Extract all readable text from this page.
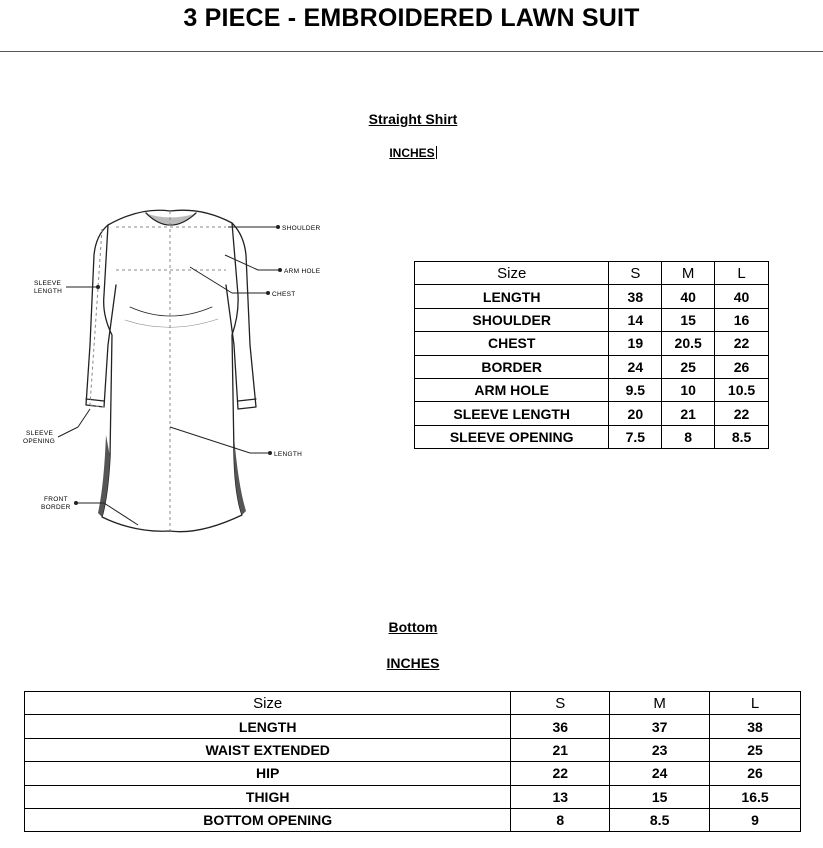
3 PIECE - EMBROIDERED LAWN SUIT
Straight Shirt
INCHES
SHOULDER
ARM HOLE
CHEST
SLEEVE
LENGTH
SLEEVE
OPENING
LENGTH
FRONT
BORDER
Size	S	M	L
LENGTH	38	40	40
SHOULDER	14	15	16
CHEST	19	20.5	22
BORDER	24	25	26
ARM HOLE	9.5	10	10.5
SLEEVE LENGTH	20	21	22
SLEEVE OPENING	7.5	8	8.5
Bottom
INCHES
Size	S	M	L
LENGTH	36	37	38
WAIST EXTENDED	21	23	25
HIP	22	24	26
THIGH	13	15	16.5
BOTTOM OPENING	8	8.5	9
